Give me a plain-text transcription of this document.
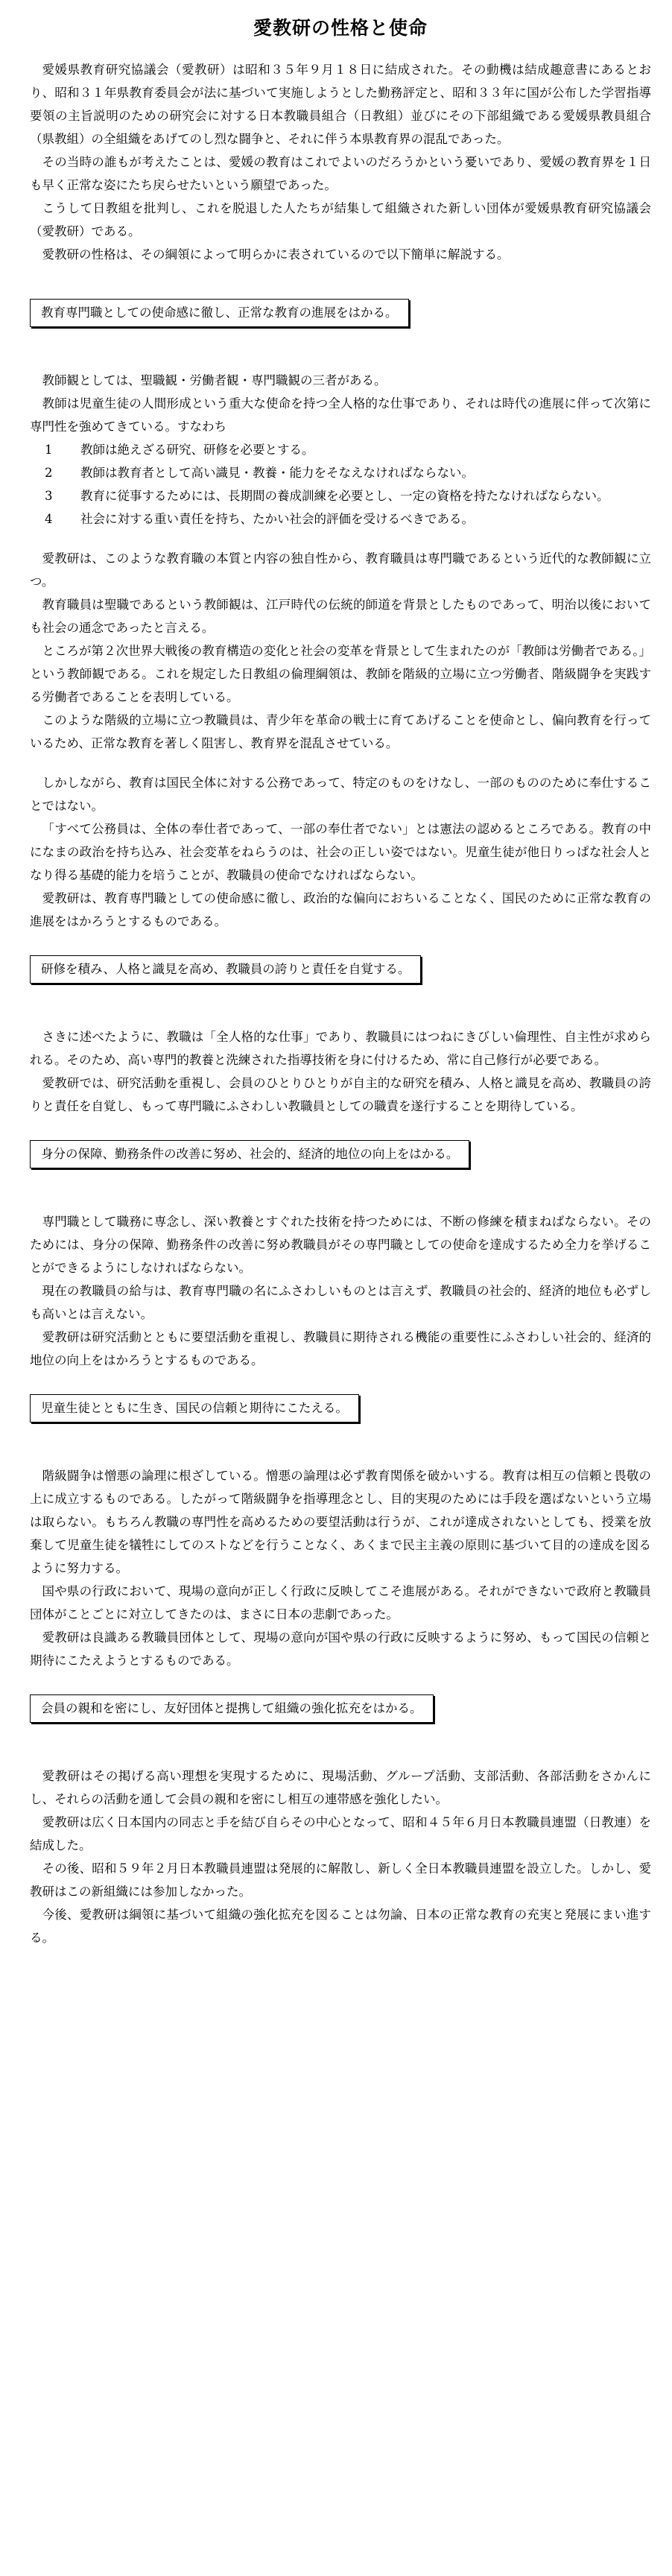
愛教研の性格と使命

愛媛県教育研究協議会（愛教研）は昭和３５年９月１８日に結成された。その動機は結成趣意書にあるとおり、昭和３１年県教育委員会が法に基づいて実施しようとした勤務評定と、昭和３３年に国が公布した学習指導要領の主旨説明のための研究会に対する日本教職員組合（日教組）並びにその下部組織である愛媛県教員組合（県教組）の全組織をあげてのし烈な闘争と、それに伴う本県教育界の混乱であった。

その当時の誰もが考えたことは、愛媛の教育はこれでよいのだろうかという憂いであり、愛媛の教育界を１日も早く正常な姿にたち戻らせたいという願望であった。

こうして日教組を批判し、これを脱退した人たちが結集して組織された新しい団体が愛媛県教育研究協議会（愛教研）である。

愛教研の性格は、その綱領によって明らかに表されているので以下簡単に解説する。

教育専門職としての使命感に徹し、正常な教育の進展をはかる。

教師観としては、聖職観・労働者観・専門職観の三者がある。

教師は児童生徒の人間形成という重大な使命を持つ全人格的な仕事であり、それは時代の進展に伴って次第に専門性を強めてきている。すなわち

1 教師は絶えざる研究、研修を必要とする。
2 教師は教育者として高い識見・教養・能力をそなえなければならない。
3 教育に従事するためには、長期間の養成訓練を必要とし、一定の資格を持たなければならない。
4 社会に対する重い責任を持ち、たかい社会的評価を受けるべきである。

愛教研は、このような教育職の本質と内容の独自性から、教育職員は専門職であるという近代的な教師観に立つ。

教育職員は聖職であるという教師観は、江戸時代の伝統的師道を背景としたものであって、明治以後においても社会の通念であったと言える。

ところが第２次世界大戦後の教育構造の変化と社会の変革を背景として生まれたのが「教師は労働者である。」という教師観である。これを規定した日教組の倫理綱領は、教師を階級的立場に立つ労働者、階級闘争を実践する労働者であることを表明している。

このような階級的立場に立つ教職員は、青少年を革命の戦士に育てあげることを使命とし、偏向教育を行っているため、正常な教育を著しく阻害し、教育界を混乱させている。

しかしながら、教育は国民全体に対する公務であって、特定のものをけなし、一部のもののために奉仕することではない。

「すべて公務員は、全体の奉仕者であって、一部の奉仕者でない」とは憲法の認めるところである。教育の中になまの政治を持ち込み、社会変革をねらうのは、社会の正しい姿ではない。児童生徒が他日りっぱな社会人となり得る基礎的能力を培うことが、教職員の使命でなければならない。

愛教研は、教育専門職としての使命感に徹し、政治的な偏向におちいることなく、国民のために正常な教育の進展をはかろうとするものである。

研修を積み、人格と識見を高め、教職員の誇りと責任を自覚する。

さきに述べたように、教職は「全人格的な仕事」であり、教職員にはつねにきびしい倫理性、自主性が求められる。そのため、高い専門的教養と洗練された指導技術を身に付けるため、常に自己修行が必要である。

愛教研では、研究活動を重視し、会員のひとりひとりが自主的な研究を積み、人格と識見を高め、教職員の誇りと責任を自覚し、もって専門職にふさわしい教職員としての職責を遂行することを期待している。

身分の保障、勤務条件の改善に努め、社会的、経済的地位の向上をはかる。

専門職として職務に専念し、深い教養とすぐれた技術を持つためには、不断の修練を積まねばならない。そのためには、身分の保障、勤務条件の改善に努め教職員がその専門職としての使命を達成するため全力を挙げることができるようにしなければならない。

現在の教職員の給与は、教育専門職の名にふさわしいものとは言えず、教職員の社会的、経済的地位も必ずしも高いとは言えない。

愛教研は研究活動とともに要望活動を重視し、教職員に期待される機能の重要性にふさわしい社会的、経済的地位の向上をはかろうとするものである。

児童生徒とともに生き、国民の信頼と期待にこたえる。

階級闘争は憎悪の論理に根ざしている。憎悪の論理は必ず教育関係を破かいする。教育は相互の信頼と畏敬の上に成立するものである。したがって階級闘争を指導理念とし、目的実現のためには手段を選ばないという立場は取らない。もちろん教職の専門性を高めるための要望活動は行うが、これが達成されないとしても、授業を放棄して児童生徒を犠牲にしてのストなどを行うことなく、あくまで民主主義の原則に基づいて目的の達成を図るように努力する。

国や県の行政において、現場の意向が正しく行政に反映してこそ進展がある。それができないで政府と教職員団体がことごとに対立してきたのは、まさに日本の悲劇であった。

愛教研は良識ある教職員団体として、現場の意向が国や県の行政に反映するように努め、もって国民の信頼と期待にこたえようとするものである。

会員の親和を密にし、友好団体と提携して組織の強化拡充をはかる。

愛教研はその掲げる高い理想を実現するために、現場活動、グループ活動、支部活動、各部活動をさかんにし、それらの活動を通して会員の親和を密にし相互の連帯感を強化したい。

愛教研は広く日本国内の同志と手を結び自らその中心となって、昭和４５年６月日本教職員連盟（日教連）を結成した。

その後、昭和５９年２月日本教職員連盟は発展的に解散し、新しく全日本教職員連盟を設立した。しかし、愛教研はこの新組織には参加しなかった。

今後、愛教研は綱領に基づいて組織の強化拡充を図ることは勿論、日本の正常な教育の充実と発展にまい進する。
